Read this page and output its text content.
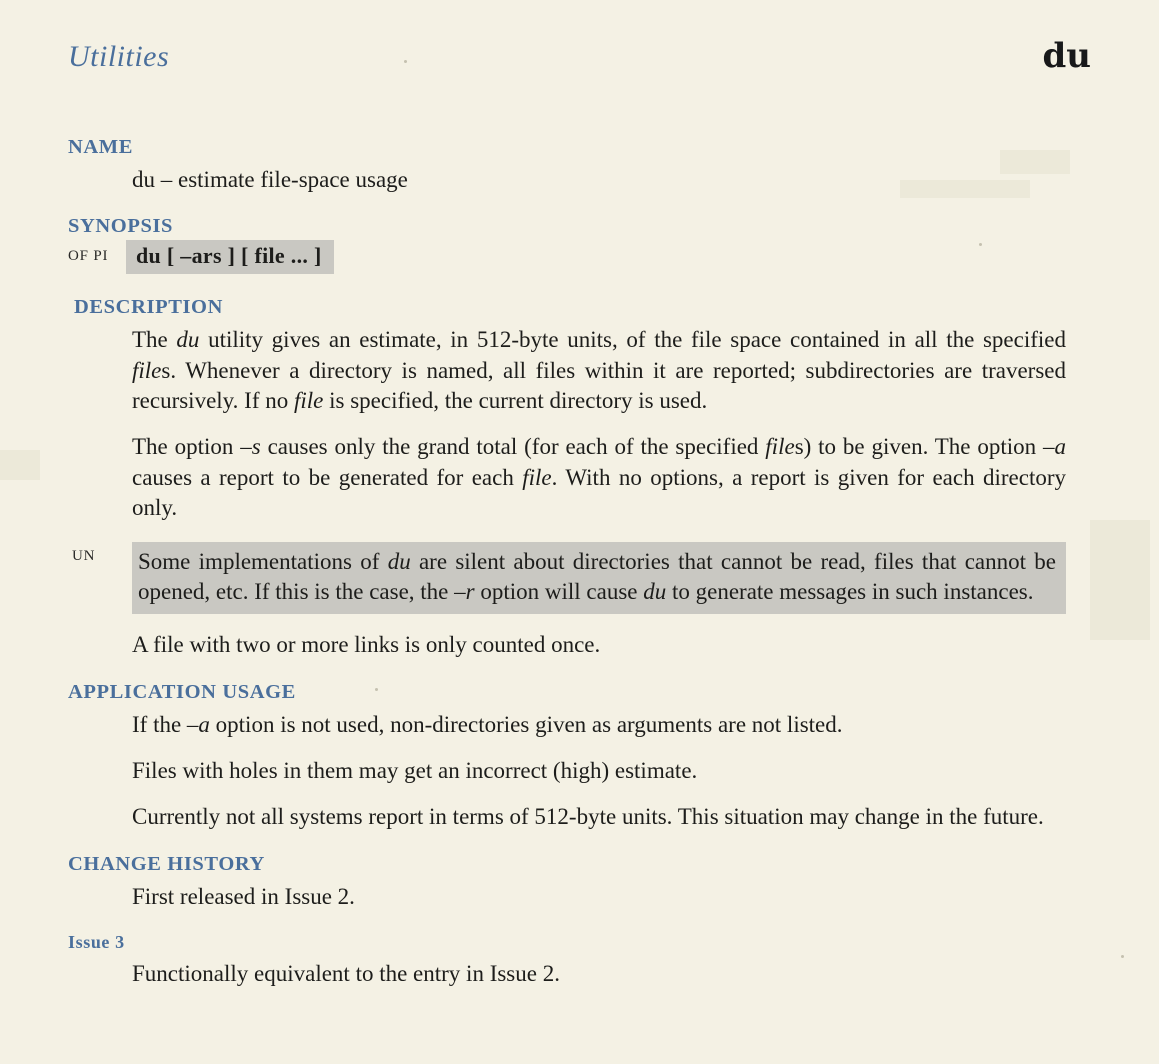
Utilities	du
NAME
du – estimate file-space usage
SYNOPSIS
OF PI	du [ –ars ] [ file ... ]
DESCRIPTION
The du utility gives an estimate, in 512-byte units, of the file space contained in all the specified files. Whenever a directory is named, all files within it are reported; subdirectories are traversed recursively. If no file is specified, the current directory is used.
The option –s causes only the grand total (for each of the specified files) to be given. The option –a causes a report to be generated for each file. With no options, a report is given for each directory only.
UN Some implementations of du are silent about directories that cannot be read, files that cannot be opened, etc. If this is the case, the –r option will cause du to generate messages in such instances.
A file with two or more links is only counted once.
APPLICATION USAGE
If the –a option is not used, non-directories given as arguments are not listed.
Files with holes in them may get an incorrect (high) estimate.
Currently not all systems report in terms of 512-byte units. This situation may change in the future.
CHANGE HISTORY
First released in Issue 2.
Issue 3
Functionally equivalent to the entry in Issue 2.
